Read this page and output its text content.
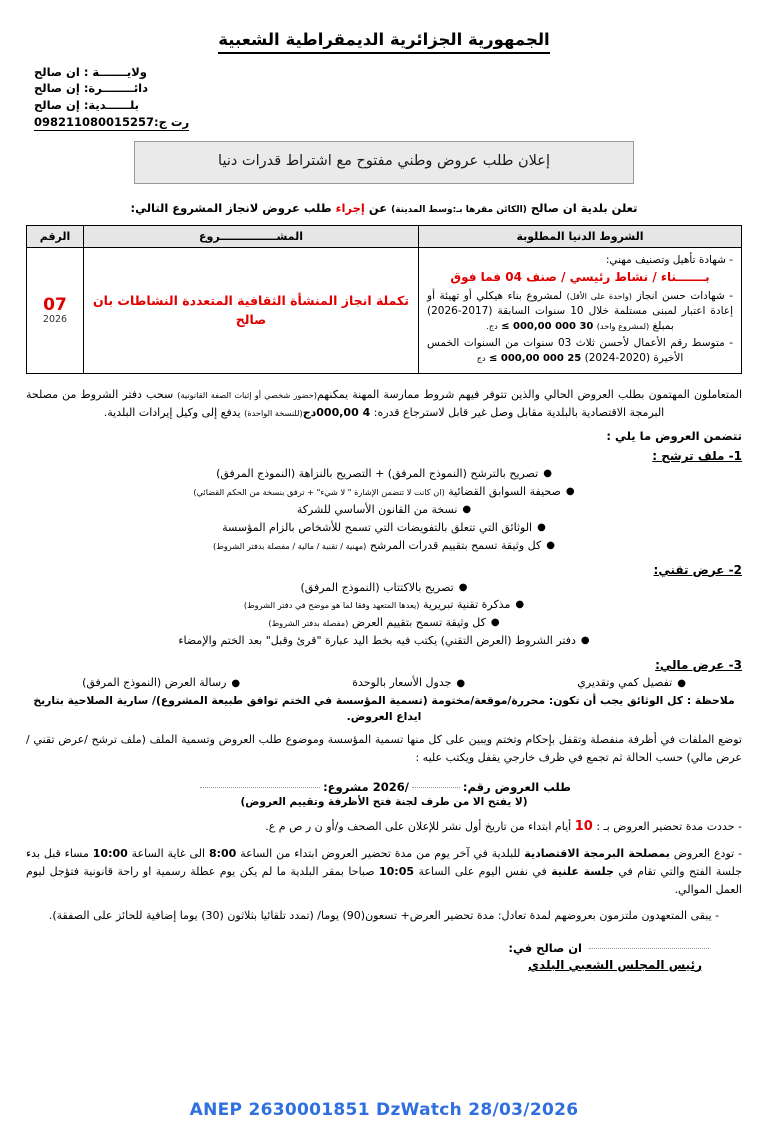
الجمهورية الجزائرية الديمقراطية الشعبية
ولايـــــــة : ان صالح
دائــــــــرة: إن صالح
بلــــــدية: إن صالح
رت ج:098211080015257
إعلان طلب عروض وطني مفتوح مع اشتراط قدرات دنيا
تعلن بلدية ان صالح (الكائن مقرها بـ:وسط المدينة) عن إجراء طلب عروض لانجاز المشروع التالي:
الشروط الدنيا المطلوبة	المشـــــــــــــــروع	الرقم

- شهادة تأهيل وتصنيف مهني:
بـــــــناء / نشاط رئيسي / صنف 04 فما فوق
- شهادات حسن انجاز (واحدة على الأقل) لمشروع بناء هيكلي أو تهيئة أو إعادة اعتبار لمبنى مستلمة خلال 10 سنوات السابقة (2017-2026) بمبلغ (لمشروع واحد) 30 000 000,00 ≥ دج.
- متوسط رقم الأعمال لأحسن ثلاث 03 سنوات من السنوات الخمس الأخيرة (2020-2024) 25 000 000,00 ≥ دج	تكملة انجاز المنشأة الثقافية المتعددة النشاطات بان صالح	07
2026

المتعاملون المهتمون بطلب العروض الحالي والذين تتوفر فيهم شروط ممارسة المهنة يمكنهم(حضور شخصي أو إثبات الصفة القانونية) سحب دفتر الشروط من مصلحة البرمجة الاقتصادية بالبلدية مقابل وصل غير قابل لاسترجاع قدره: 4 000,00دج(للنسخة الواحدة) يدفع إلى وكيل إيرادات البلدية.

تتضمن العروض ما يلي :
1- ملف ترشح :
●تصريح بالترشح (النموذج المرفق) + التصريح بالنزاهة (النموذج المرفق)
●صحيفة السوابق القضائية (ان كانت لا تتضمن الإشارة " لا شيء" + ترفق بنسخة من الحكم القضائي)
●نسخة من القانون الأساسي للشركة
●الوثائق التي تتعلق بالتفويضات التي تسمح للأشخاص بالزام المؤسسة
●كل وثيقة تسمح بتقييم قدرات المرشح (مهنية / تقنية / مالية / مفصلة بدفتر الشروط)
2- عرض تقني:
●تصريح بالاكتتاب (النموذج المرفق)
●مذكرة تقنية تبريرية (يعدها المتعهد وفقا لما هو موضح في دفتر الشروط)
●كل وثيقة تسمح بتقييم العرض (مفصلة بدفتر الشروط)
●دفتر الشروط (العرض التقني) يكتب فيه بخط اليد عبارة "قرئ وقبل" بعد الختم والإمضاء
3- عرض مالي:
●تفصيل كمي وتقديري
●جدول الأسعار بالوحدة
●رسالة العرض (النموذج المرفق)
ملاحظة : كل الوثائق يجب أن تكون: محررة/موقعة/مختومة (تسمية المؤسسة في الختم توافق طبيعة المشروع)/ سارية الصلاحية بتاريخ ايداع العروض.

توضع الملفات في أظرفة منفصلة وتقفل بإحكام وتختم ويبين على كل منها تسمية المؤسسة وموضوع طلب العروض وتسمية الملف (ملف ترشح /عرض تقني /عرض مالي) حسب الحالة ثم تجمع في ظرف خارجي يقفل ويكتب عليه :

طلب العروض رقم:/2026 مشروع:
(لا يفتح الا من طرف لجنة فتح الأظرفة وتقييم العروض)
- حددت مدة تحضير العروض بـ : 10 أيام ابتداء من تاريخ أول نشر للإعلان على الصحف و/أو ن ر ص م ع.
- تودع العروض بمصلحة البرمجة الاقتصادية للبلدية في آخر يوم من مدة تحضير العروض ابتداء من الساعة 8:00 الى غاية الساعة 10:00 مساء قبل بدء جلسة الفتح والتي تقام في جلسة علنية في نفس اليوم على الساعة 10:05 صباحا بمقر البلدية ما لم يكن يوم عطلة رسمية او راحة قانونية فتؤجل ليوم العمل الموالي.
- يبقى المتعهدون ملتزمون بعروضهم لمدة تعادل: مدة تحضير العرض+ تسعون(90) يوما/ (تمدد تلقائيا بثلاثون (30) يوما إضافية للحائز على الصفقة).
ان صالح في:
رئيس المجلس الشعبي البلدي
ANEP 2630001851 DzWatch 28/03/2026
